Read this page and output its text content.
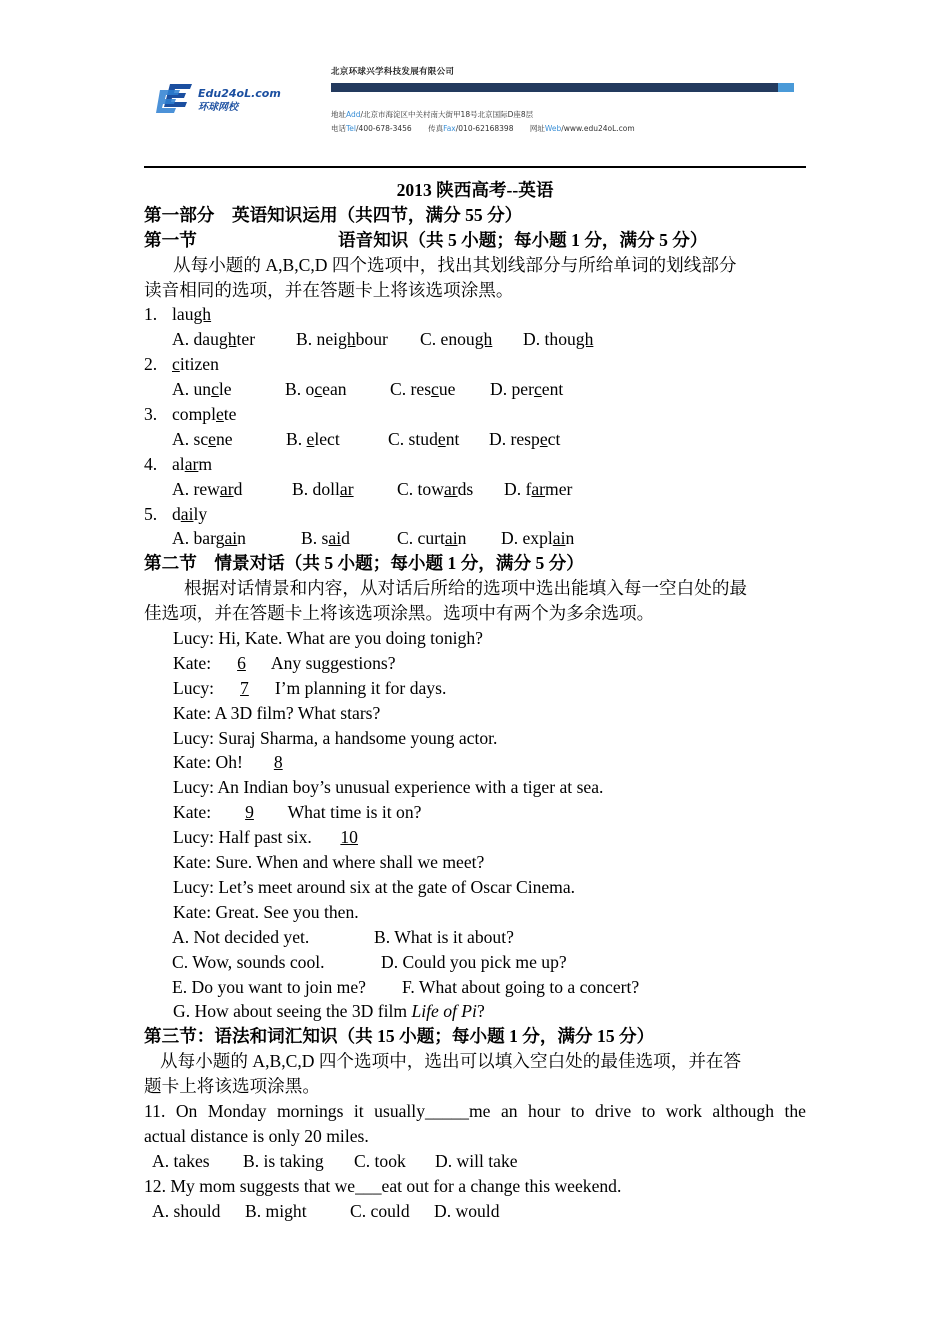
Edu24oL.com
环球网校
北京环球兴学科技发展有限公司
地址Add/北京市海淀区中关村南大街甲18号北京国际D座8层
电话Tel/400-678-3456 传真Fax/010-62168398 网址Web/www.edu24oL.com
2013 陕西高考--英语
第一部分　英语知识运用（共四节，满分 55 分）
第一节	语音知识（共 5 小题；每小题 1 分，满分 5 分）
从每小题的 A,B,C,D 四个选项中，找出其划线部分与所给单词的划线部分
读音相同的选项，并在答题卡上将该选项涂黑。
1. laugh
A. daughter B. neighbour C. enough D. though
2. citizen
A. uncle	B. ocean C. rescue D. percent
3. complete
A. scene	B. elect	C. student D. respect
4. alarm
A. reward	B. dollar C. towards D. farmer
5. daily
A. bargain	B. said	C. curtain D. explain
第二节　情景对话（共 5 小题；每小题 1 分，满分 5 分）
根据对话情景和内容，从对话后所给的选项中选出能填入每一空白处的最
佳选项，并在答题卡上将该选项涂黑。选项中有两个为多余选项。
Lucy: Hi, Kate. What are you doing tonigh?
Kate: 6 Any suggestions?
Lucy: 7 I’m planning it for days.
Kate: A 3D film? What stars?
Lucy: Suraj Sharma, a handsome young actor.
Kate: Oh! 8
Lucy: An Indian boy’s unusual experience with a tiger at sea.
Kate: 9 What time is it on?
Lucy: Half past six. 10
Kate: Sure. When and where shall we meet?
Lucy: Let’s meet around six at the gate of Oscar Cinema.
Kate: Great. See you then.
A. Not decided yet.	B. What is it about?
C. Wow, sounds cool.	D. Could you pick me up?
E. Do you want to join me? F. What about going to a concert?
G. How about seeing the 3D film Life of Pi?
第三节：语法和词汇知识（共 15 小题；每小题 1 分，满分 15 分）
从每小题的 A,B,C,D 四个选项中，选出可以填入空白处的最佳选项，并在答
题卡上将该选项涂黑。
11. On Monday mornings it usually_____me an hour to drive to work although the
actual distance is only 20 miles.
A. takes B. is taking C. took D. will take
12. My mom suggests that we___eat out for a change this weekend.
A. should B. might C. could D. would
